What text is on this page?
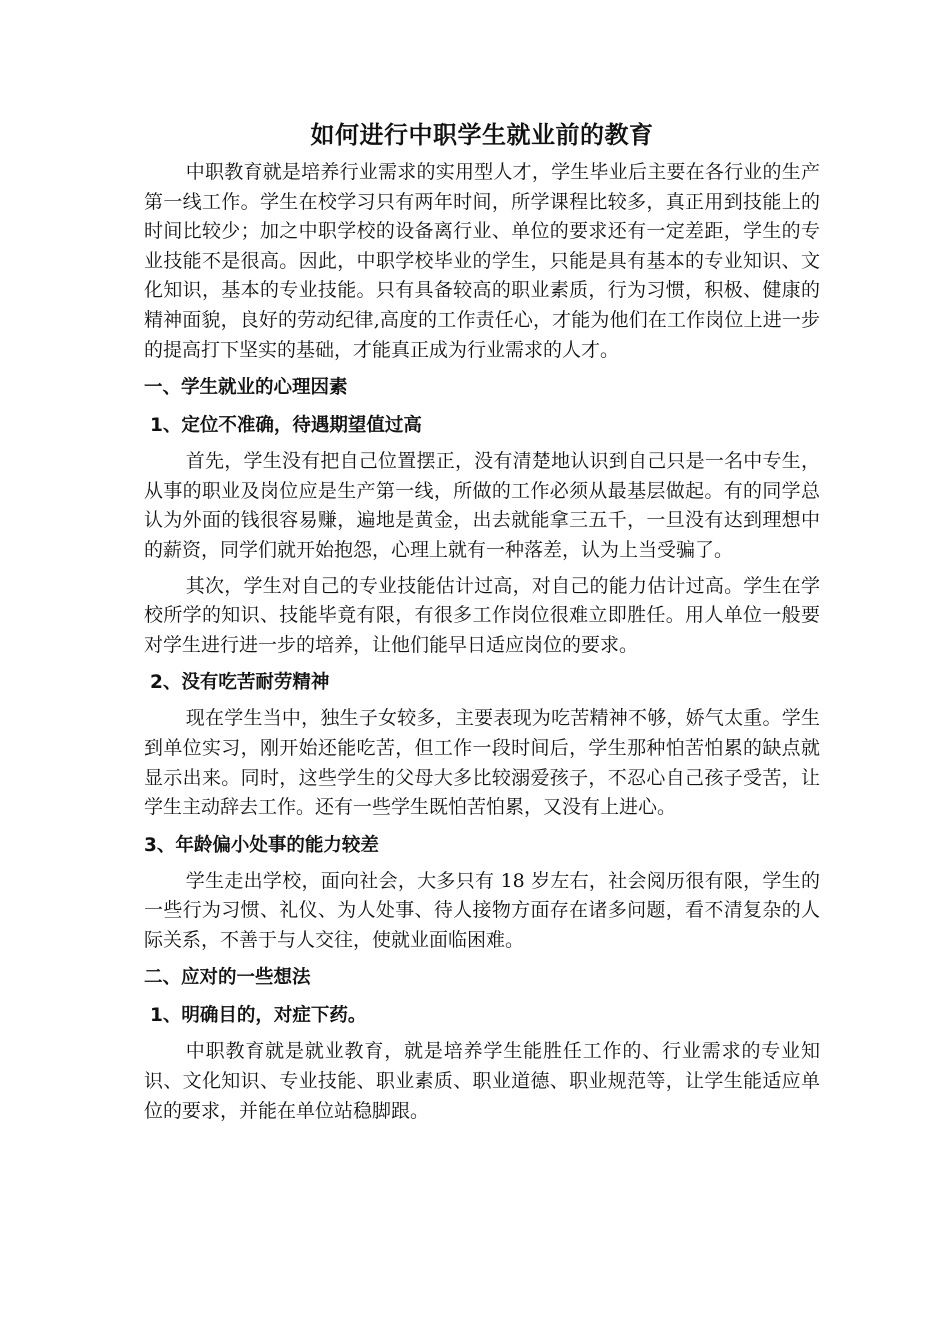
如何进行中职学生就业前的教育

中职教育就是培养行业需求的实用型人才，学生毕业后主要在各行业的生产第一线工作。学生在校学习只有两年时间，所学课程比较多，真正用到技能上的时间比较少；加之中职学校的设备离行业、单位的要求还有一定差距，学生的专业技能不是很高。因此，中职学校毕业的学生，只能是具有基本的专业知识、文化知识，基本的专业技能。只有具备较高的职业素质，行为习惯，积极、健康的精神面貌，良好的劳动纪律,高度的工作责任心，才能为他们在工作岗位上进一步的提高打下坚实的基础，才能真正成为行业需求的人才。

一、学生就业的心理因素
1、定位不准确，待遇期望值过高

首先，学生没有把自己位置摆正，没有清楚地认识到自己只是一名中专生，从事的职业及岗位应是生产第一线，所做的工作必须从最基层做起。有的同学总认为外面的钱很容易赚，遍地是黄金，出去就能拿三五千，一旦没有达到理想中的薪资，同学们就开始抱怨，心理上就有一种落差，认为上当受骗了。

其次，学生对自己的专业技能估计过高，对自己的能力估计过高。学生在学校所学的知识、技能毕竟有限，有很多工作岗位很难立即胜任。用人单位一般要对学生进行进一步的培养，让他们能早日适应岗位的要求。

2、没有吃苦耐劳精神

现在学生当中，独生子女较多，主要表现为吃苦精神不够，娇气太重。学生到单位实习，刚开始还能吃苦，但工作一段时间后，学生那种怕苦怕累的缺点就显示出来。同时，这些学生的父母大多比较溺爱孩子，不忍心自己孩子受苦，让学生主动辞去工作。还有一些学生既怕苦怕累，又没有上进心。

3、年龄偏小处事的能力较差

学生走出学校，面向社会，大多只有 18 岁左右，社会阅历很有限，学生的一些行为习惯、礼仪、为人处事、待人接物方面存在诸多问题，看不清复杂的人际关系，不善于与人交往，使就业面临困难。

二、应对的一些想法
1、明确目的，对症下药。

中职教育就是就业教育，就是培养学生能胜任工作的、行业需求的专业知识、文化知识、专业技能、职业素质、职业道德、职业规范等，让学生能适应单位的要求，并能在单位站稳脚跟。
